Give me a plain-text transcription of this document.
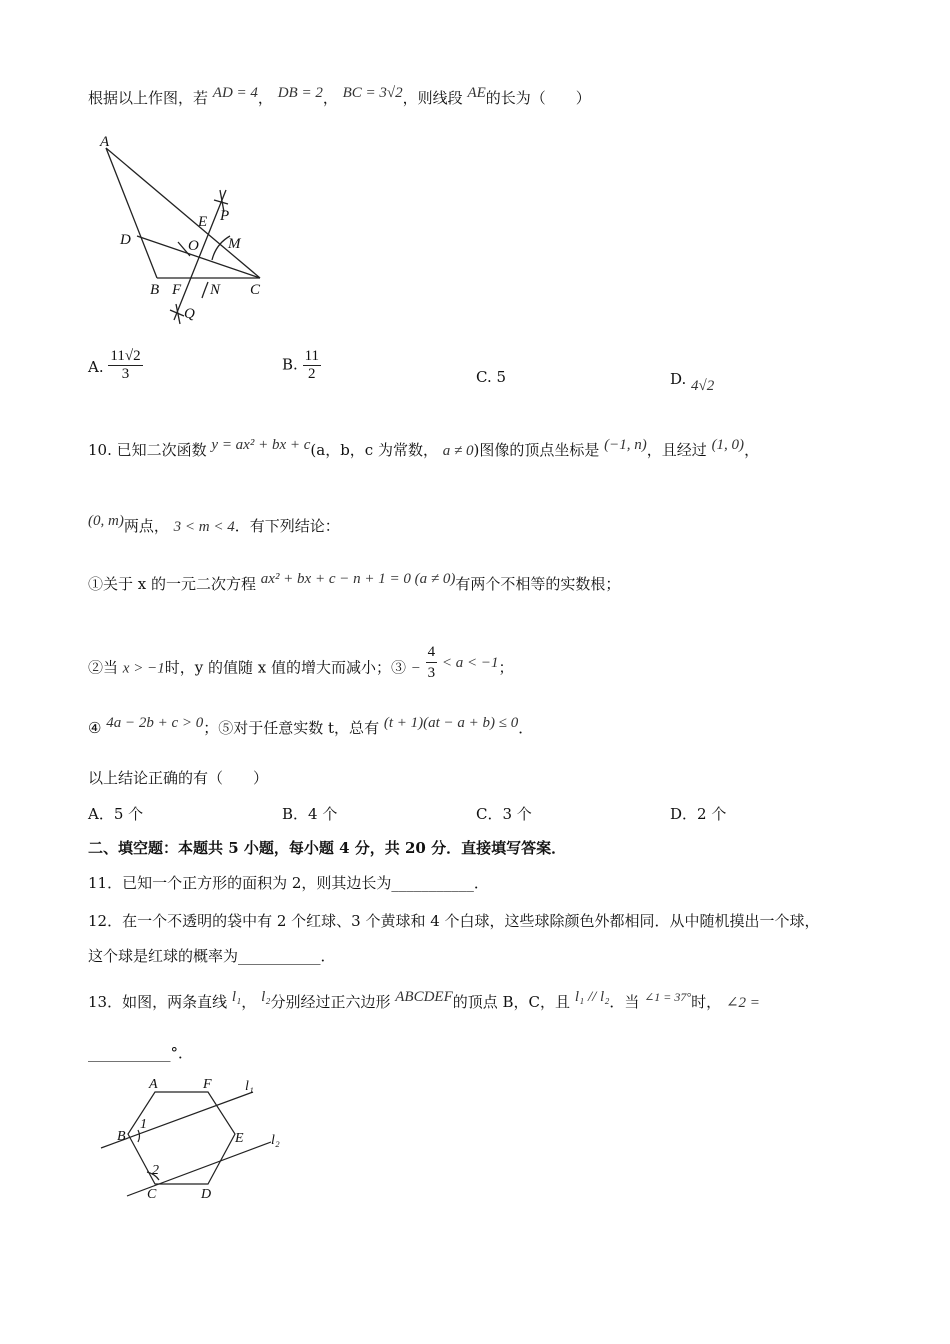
根据以上作图，若 AD = 4， DB = 2， BC = 3√2，则线段 AE的长为（　　）
A
P
E
D	O M
B F N C
Q
A. $\frac{11√2}{3}$	B. $\frac{11}{2}$	C. 5	D. 4√2
10. 已知二次函数 y = ax² + bx + c(a，b，c 为常数， a ≠ 0)图像的顶点坐标是 (−1, n)，且经过 (1, 0)，
(0, m)两点， 3 < m < 4．有下列结论：
①关于 x 的一元二次方程 ax² + bx + c − n + 1 = 0 (a ≠ 0)有两个不相等的实数根；
②当 x > −1时，y 的值随 x 值的增大而减小；③ − $\frac{4}{3} < a < -1$；
④ 4a − 2b + c > 0；⑤对于任意实数 t，总有 (t + 1)(at − a + b) ≤ 0．
以上结论正确的有（　　）
A．5 个	B．4 个	C．3 个	D．2 个
二、填空题：本题共 5 小题，每小题 4 分，共 20 分．直接填写答案．
11．已知一个正方形的面积为 2，则其边长为___________．
12．在一个不透明的袋中有 2 个红球、3 个黄球和 4 个白球，这些球除颜色外都相同．从中随机摸出一个球，
这个球是红球的概率为___________．
13．如图，两条直线 l₁， l₂分别经过正六边形 ABCDEF的顶点 B，C，且 l₁ // l₂．当 $^{\angle 1 = 37^\circ}$时， ∠2 =
___________°．
A	F l₁
B
1
E l₂
2
C	D
